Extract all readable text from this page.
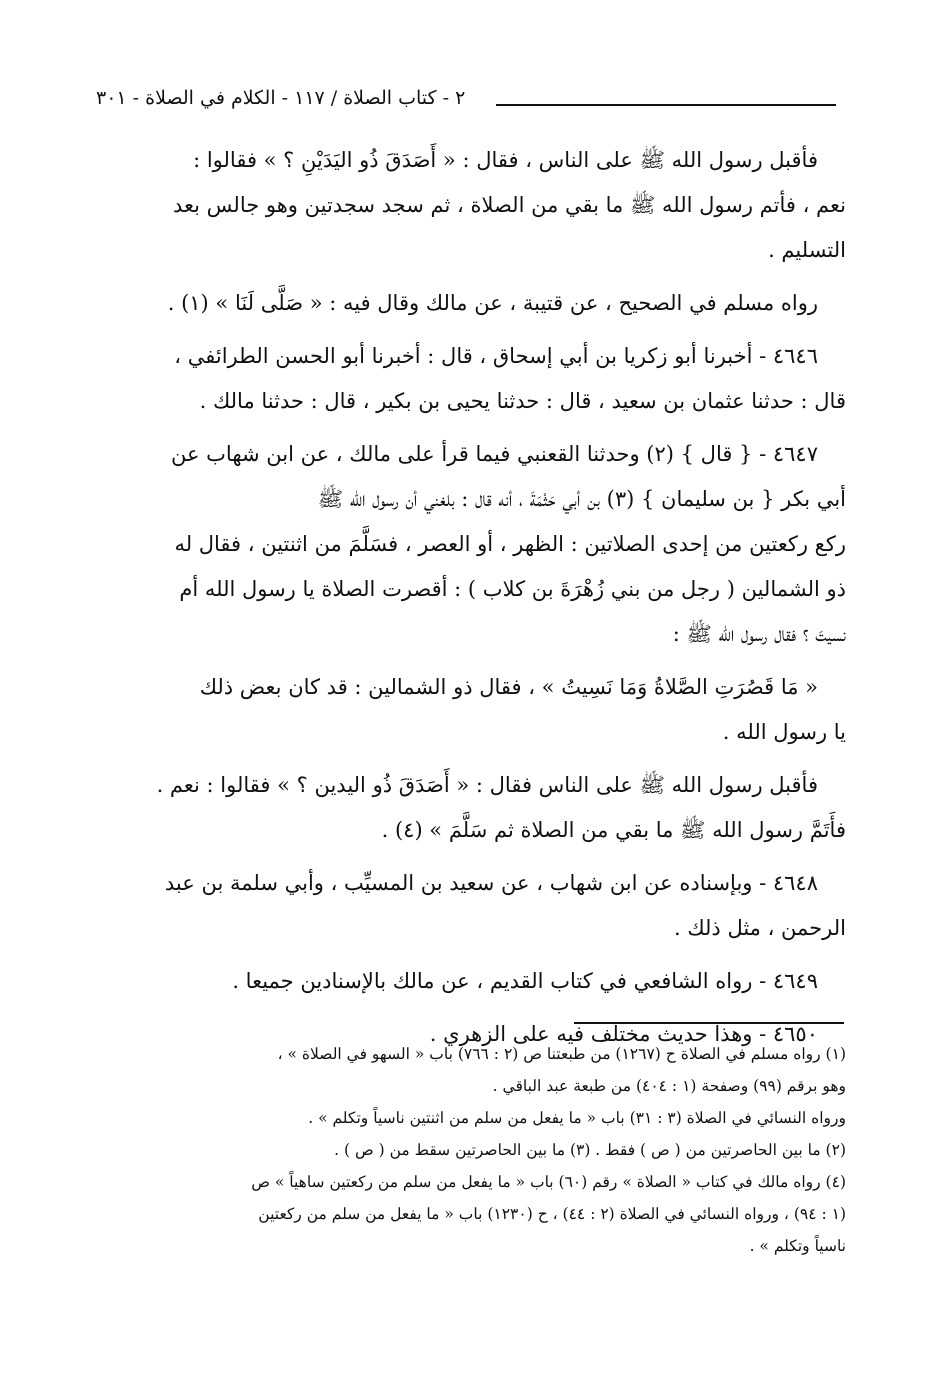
٢ - كتاب الصلاة / ١١٧ - الكلام في الصلاة - ٣٠١

فأقبل رسول الله ﷺ على الناس ، فقال : « أَصَدَقَ ذُو اليَدَيْنِ ؟ » فقالوا :
نعم ، فأتم رسول الله ﷺ ما بقي من الصلاة ، ثم سجد سجدتين وهو جالس بعد
التسليم .

رواه مسلم في الصحيح ، عن قتيبة ، عن مالك وقال فيه : « صَلَّى لَنَا » (١) .

٤٦٤٦ - أخبرنا أبو زكريا بن أبي إسحاق ، قال : أخبرنا أبو الحسن الطرائفي ،
قال : حدثنا عثمان بن سعيد ، قال : حدثنا يحيى بن بكير ، قال : حدثنا مالك .

٤٦٤٧ - { قال } (٢) وحدثنا القعنبي فيما قرأ على مالك ، عن ابن شهاب عن
أبي بكر { بن سليمان } (٣) بن أبي حَثْمَةَ ، أنه قال : بلغني أن رسول الله ﷺ
ركع ركعتين من إحدى الصلاتين : الظهر ، أو العصر ، فسَلَّمَ من اثنتين ، فقال له
ذو الشمالين ( رجل من بني زُهْرَةَ بن كلاب ) : أقصرت الصلاة يا رسول الله أم
نسيتَ ؟ فقال رسول الله ﷺ :

« مَا قَصُرَتِ الصَّلاةُ وَمَا نَسِيتُ » ، فقال ذو الشمالين : قد كان بعض ذلك
يا رسول الله .

فأقبل رسول الله ﷺ على الناس فقال : « أَصَدَقَ ذُو اليدين ؟ » فقالوا : نعم .
فأَتَمَّ رسول الله ﷺ ما بقي من الصلاة ثم سَلَّمَ » (٤) .

٤٦٤٨ - وبإسناده عن ابن شهاب ، عن سعيد بن المسيِّب ، وأبي سلمة بن عبد
الرحمن ، مثل ذلك .

٤٦٤٩ - رواه الشافعي في كتاب القديم ، عن مالك بالإسنادين جميعا .

٤٦٥٠ - وهذا حديث مختلف فيه على الزهري .

(١) رواه مسلم في الصلاة ح (١٢٦٧) من طبعتنا ص (٢ : ٧٦٦) باب « السهو في الصلاة » ،
وهو برقم (٩٩) وصفحة (١ : ٤٠٤) من طبعة عبد الباقي .

ورواه النسائي في الصلاة (٣ : ٣١) باب « ما يفعل من سلم من اثنتين ناسياً وتكلم » .

(٢) ما بين الحاصرتين من ( ص ) فقط . (٣) ما بين الحاصرتين سقط من ( ص ) .

(٤) رواه مالك في كتاب « الصلاة » رقم (٦٠) باب « ما يفعل من سلم من ركعتين ساهياً » ص
(١ : ٩٤) ، ورواه النسائي في الصلاة (٢ : ٤٤) ، ح (١٢٣٠) باب « ما يفعل من سلم من ركعتين
ناسياً وتكلم » .
